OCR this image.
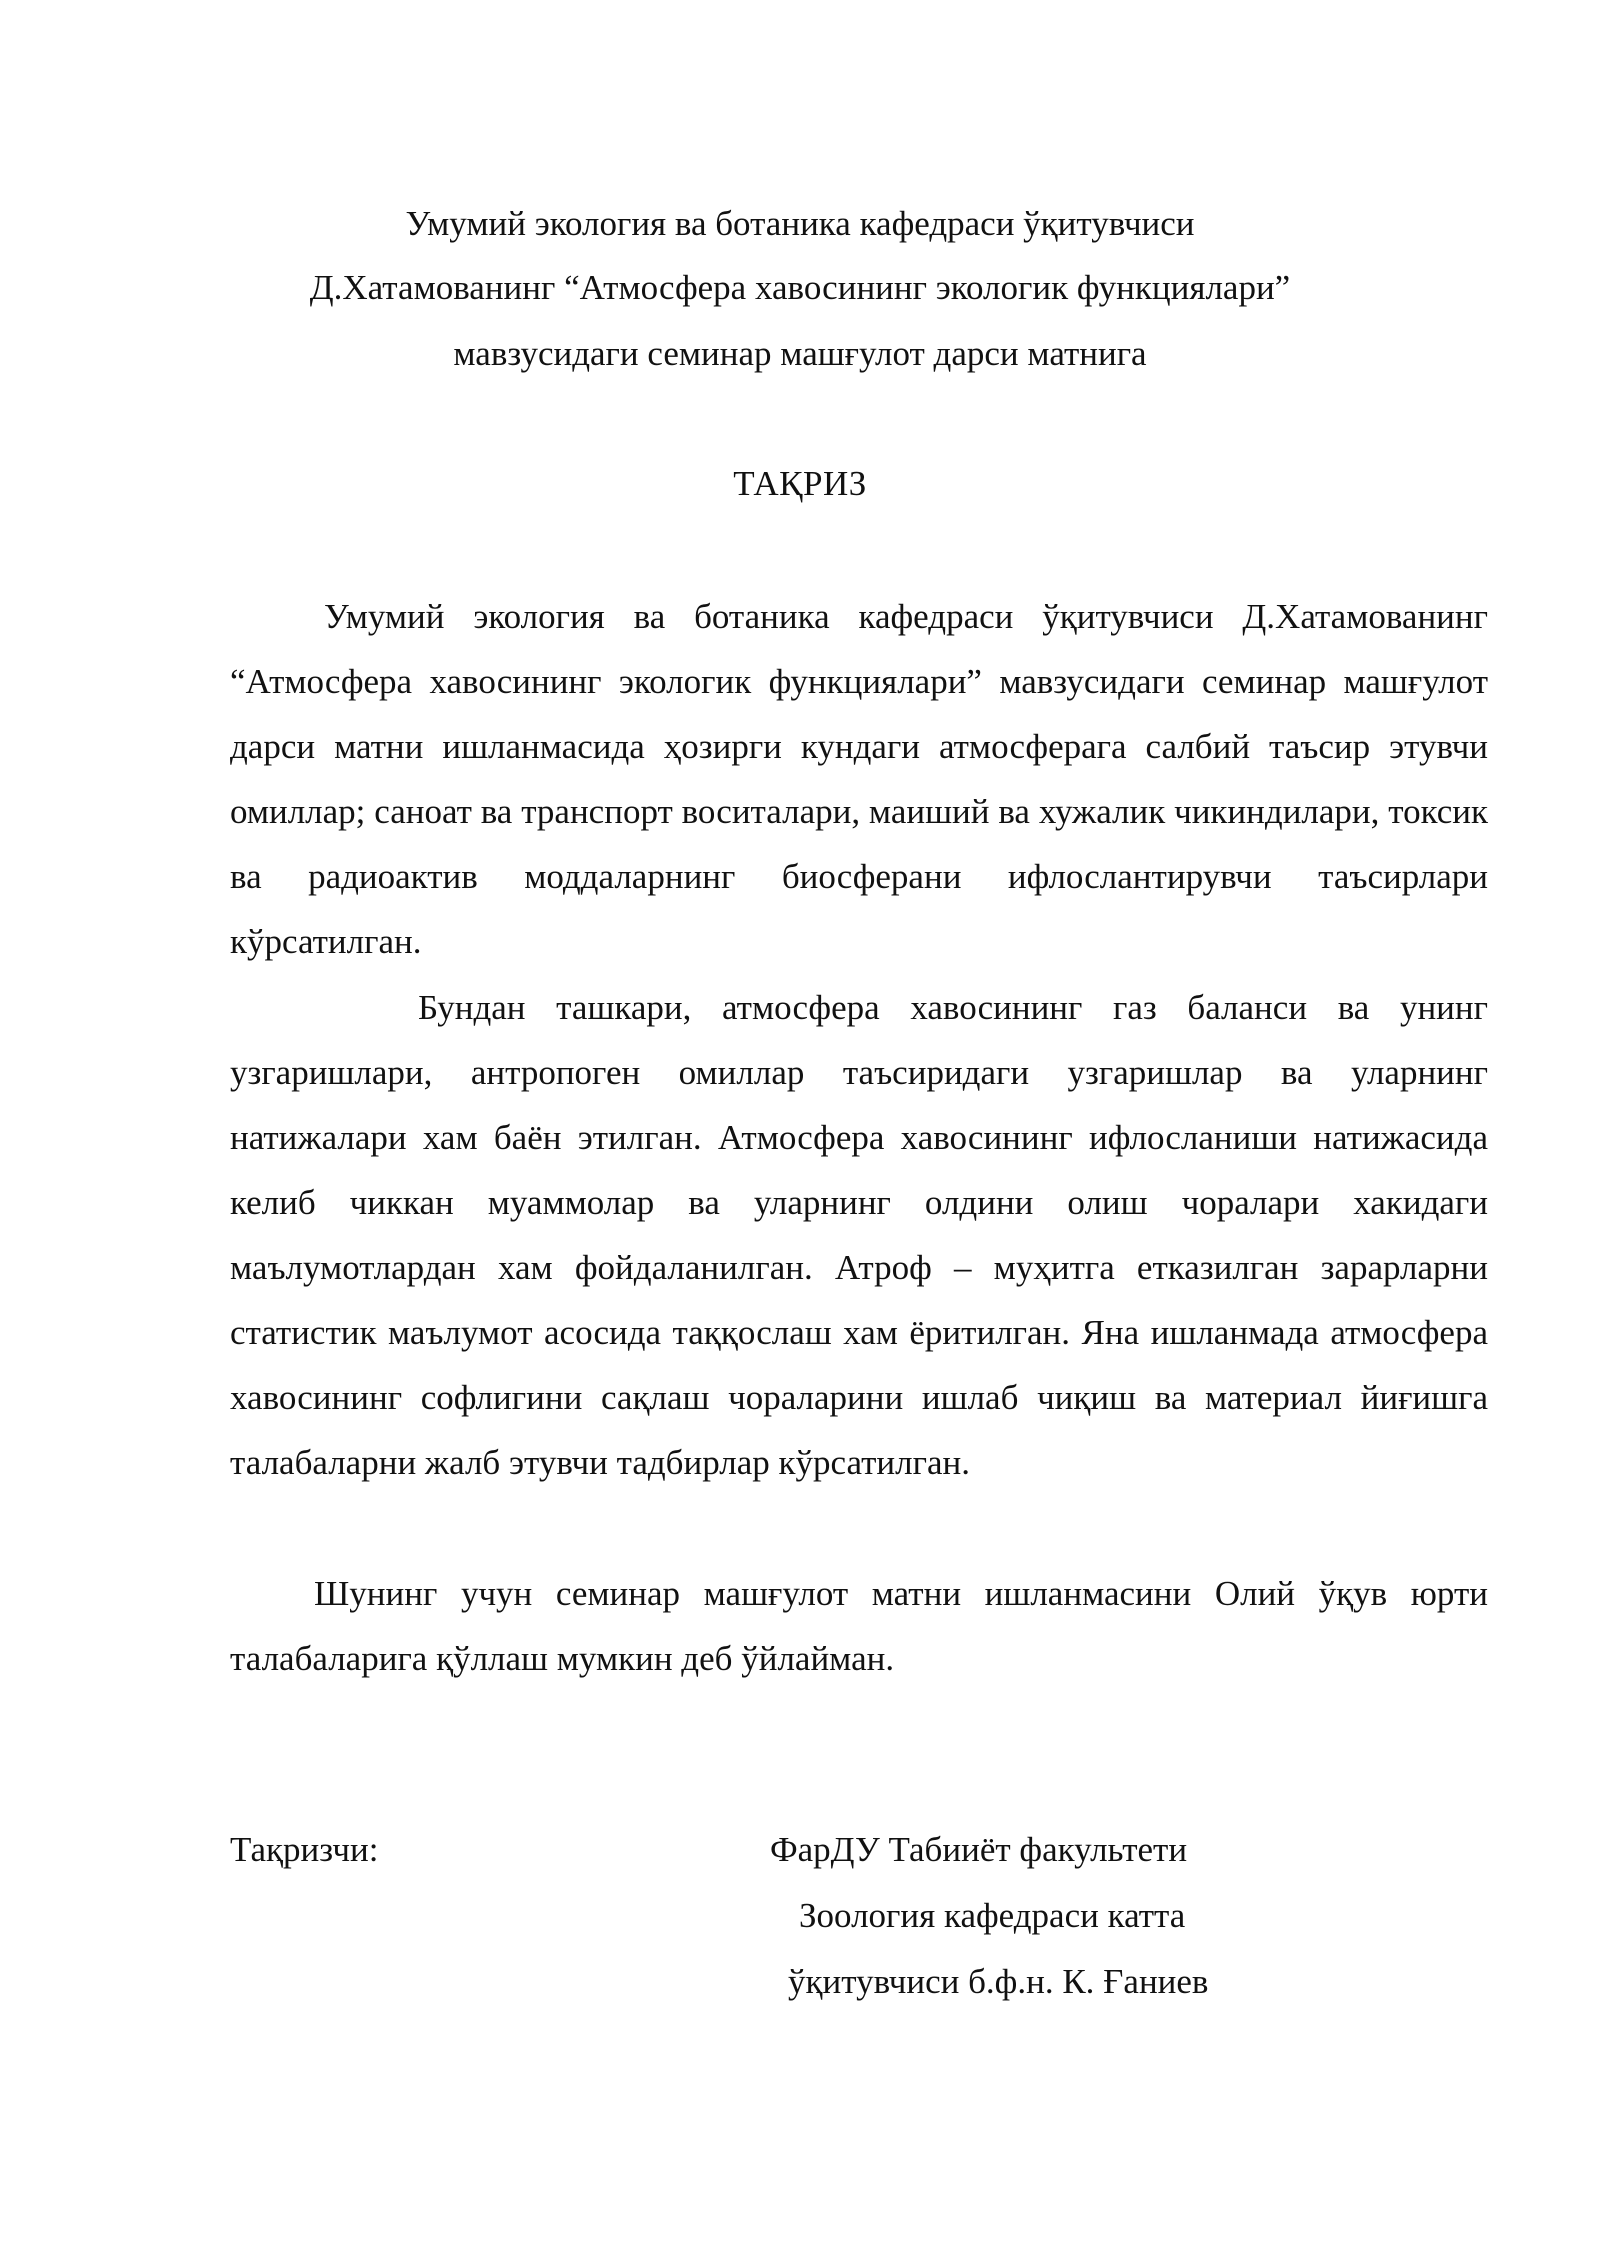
Умумий экология ва ботаника кафедраси ўқитувчиси
Д.Хатамованинг “Атмосфера хавосининг экологик функциялари”
мавзусидаги семинар машғулот дарси матнига
ТАҚРИЗ

Умумий экология ва ботаника кафедраси ўқитувчиси Д.Хатамованинг “Атмосфера хавосининг экологик функциялари” мавзусидаги семинар машғулот дарси матни ишланмасида ҳозирги кундаги атмосферага салбий таъсир этувчи омиллар; саноат ва транспорт воситалари, маиший ва хужалик чикиндилари, токсик ва радиоактив моддаларнинг биосферани ифлослантирувчи таъсирлари кўрсатилган.

Бундан ташкари, атмосфера хавосининг газ баланси ва унинг узгаришлари, антропоген омиллар таъсиридаги узгаришлар ва уларнинг натижалари хам баён этилган. Атмосфера хавосининг ифлосланиши натижасида келиб чиккан муаммолар ва уларнинг олдини олиш чоралари хакидаги маълумотлардан хам фойдаланилган. Атроф – муҳитга етказилган зарарларни статистик маълумот асосида таққослаш хам ёритилган. Яна ишланмада атмосфера хавосининг софлигини сақлаш чораларини ишлаб чиқиш ва материал йиғишга талабаларни жалб этувчи тадбирлар кўрсатилган.

Шунинг учун семинар машғулот матни ишланмасини Олий ўқув юрти талабаларига қўллаш мумкин деб ўйлайман.

Тақризчи:	ФарДУ Табииёт факультети
Зоология кафедраси катта
ўқитувчиси б.ф.н. К. Ғаниев
